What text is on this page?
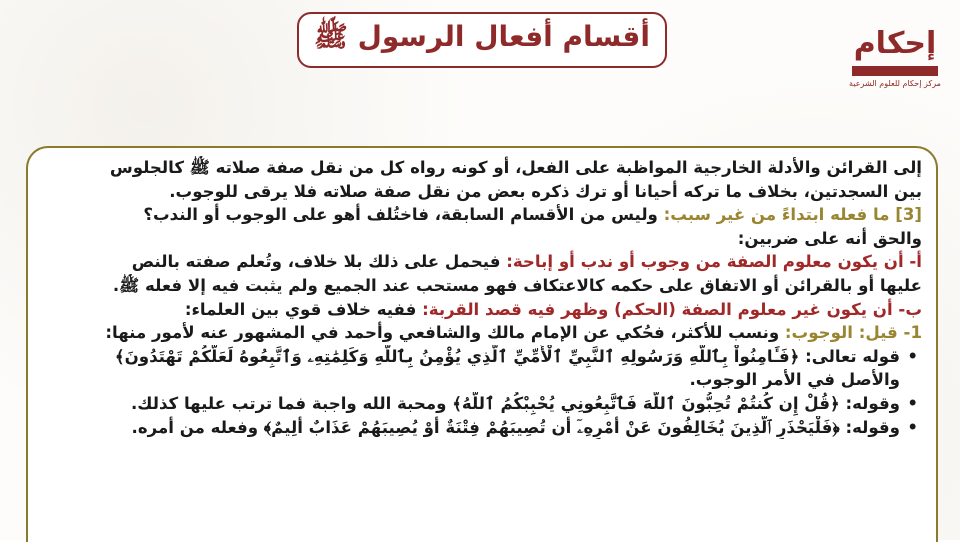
أقسام أفعال الرسول ﷺ	إحكام
مركز إحكام للعلوم الشرعية
إلى القرائن والأدلة الخارجية المواظبة على الفعل، أو كونه رواه كل من نقل صفة صلاته ﷺ كالجلوس
بين السجدتين، بخلاف ما تركه أحيانا أو ترك ذكره بعض من نقل صفة صلاته فلا يرقى للوجوب.
[3] ما فعله ابتداءً من غير سبب: وليس من الأقسام السابقة، فاختُلف أهو على الوجوب أو الندب؟
والحق أنه على ضربين:
أ- أن يكون معلوم الصفة من وجوب أو ندب أو إباحة: فيحمل على ذلك بلا خلاف، وتُعلم صفته بالنص
عليها أو بالقرائن أو الاتفاق على حكمه كالاعتكاف فهو مستحب عند الجميع ولم يثبت فيه إلا فعله ﷺ.
ب- أن يكون غير معلوم الصفة (الحكم) وظهر فيه قصد القربة: ففيه خلاف قوي بين العلماء:
1- قيل: الوجوب: ونسب للأكثر، فحُكي عن الإمام مالك والشافعي وأحمد في المشهور عنه لأمور منها:
•قوله تعالى: ﴿فَـَٔامِنُواْ بِٱللَّهِ وَرَسُولِهِ ٱلنَّبِيِّ ٱلْأُمِّيِّ ٱلَّذِي يُؤْمِنُ بِٱللَّهِ وَكَلِمَٰتِهِۦ وَٱتَّبِعُوهُ لَعَلَّكُمْ تَهْتَدُونَ﴾
والأصل في الأمر الوجوب.
•وقوله: ﴿قُلْ إِن كُنتُمْ تُحِبُّونَ ٱللَّهَ فَٱتَّبِعُونِي يُحْبِبْكُمُ ٱللَّهُ﴾ ومحبة الله واجبة فما ترتب عليها كذلك.
•وقوله: ﴿فَلْيَحْذَرِ ٱلَّذِينَ يُخَالِفُونَ عَنْ أَمْرِهِۦٓ أَن تُصِيبَهُمْ فِتْنَةٌ أَوْ يُصِيبَهُمْ عَذَابٌ أَلِيمٌ﴾ وفعله من أمره.
